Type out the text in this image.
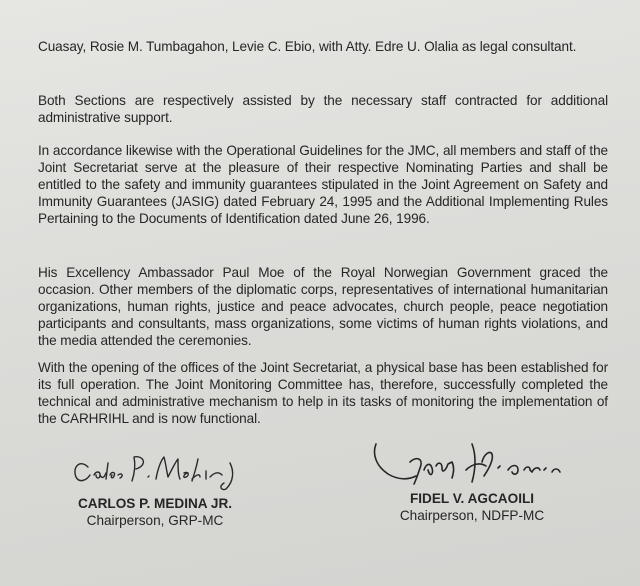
Cuasay, Rosie M. Tumbagahon, Levie C. Ebio, with Atty. Edre U. Olalia as legal consultant.

Both Sections are respectively assisted by the necessary staff contracted for additional administrative support.

In accordance likewise with the Operational Guidelines for the JMC, all members and staff of the Joint Secretariat serve at the pleasure of their respective Nominating Parties and shall be entitled to the safety and immunity guarantees stipulated in the Joint Agreement on Safety and Immunity Guarantees (JASIG) dated February 24, 1995 and the Additional Implementing Rules Pertaining to the Documents of Identification dated June 26, 1996.

His Excellency Ambassador Paul Moe of the Royal Norwegian Government graced the occasion. Other members of the diplomatic corps, representatives of international humanitarian organizations, human rights, justice and peace advocates, church people, peace negotiation participants and consultants, mass organizations, some victims of human rights violations, and the media attended the ceremonies.

With the opening of the offices of the Joint Secretariat, a physical base has been established for its full operation. The Joint Monitoring Committee has, therefore, successfully completed the technical and administrative mechanism to help in its tasks of monitoring the implementation of the CARHRIHL and is now functional.

CARLOS P. MEDINA JR.
Chairperson, GRP-MC
FIDEL V. AGCAOILI
Chairperson, NDFP-MC
